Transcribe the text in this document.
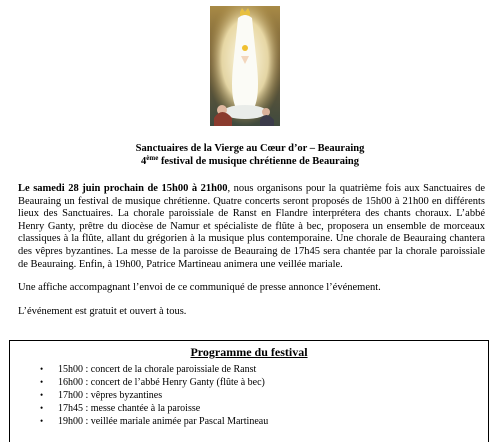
Sanctuaires de la Vierge au Cœur d’or – Beauraing
4ème festival de musique chrétienne de Beauraing

Le samedi 28 juin prochain de 15h00 à 21h00, nous organisons pour la quatrième fois aux Sanctuaires de Beauraing un festival de musique chrétienne. Quatre concerts seront proposés de 15h00 à 21h00 en différents lieux des Sanctuaires. La chorale paroissiale de Ranst en Flandre interprétera des chants choraux. L’abbé Henry Ganty, prêtre du diocèse de Namur et spécialiste de flûte à bec, proposera un ensemble de morceaux classiques à la flûte, allant du grégorien à la musique plus contemporaine. Une chorale de Beauraing chantera des vêpres byzantines. La messe de la paroisse de Beauraing de 17h45 sera chantée par la chorale paroissiale de Beauraing. Enfin, à 19h00, Patrice Martineau animera une veillée mariale.

Une affiche accompagnant l’envoi de ce communiqué de presse annonce l’événement.

L’événement est gratuit et ouvert à tous.

Programme du festival
• 15h00 : concert de la chorale paroissiale de Ranst
• 16h00 : concert de l’abbé Henry Ganty (flûte à bec)
• 17h00 : vêpres byzantines
• 17h45 : messe chantée à la paroisse
• 19h00 : veillée mariale animée par Pascal Martineau
